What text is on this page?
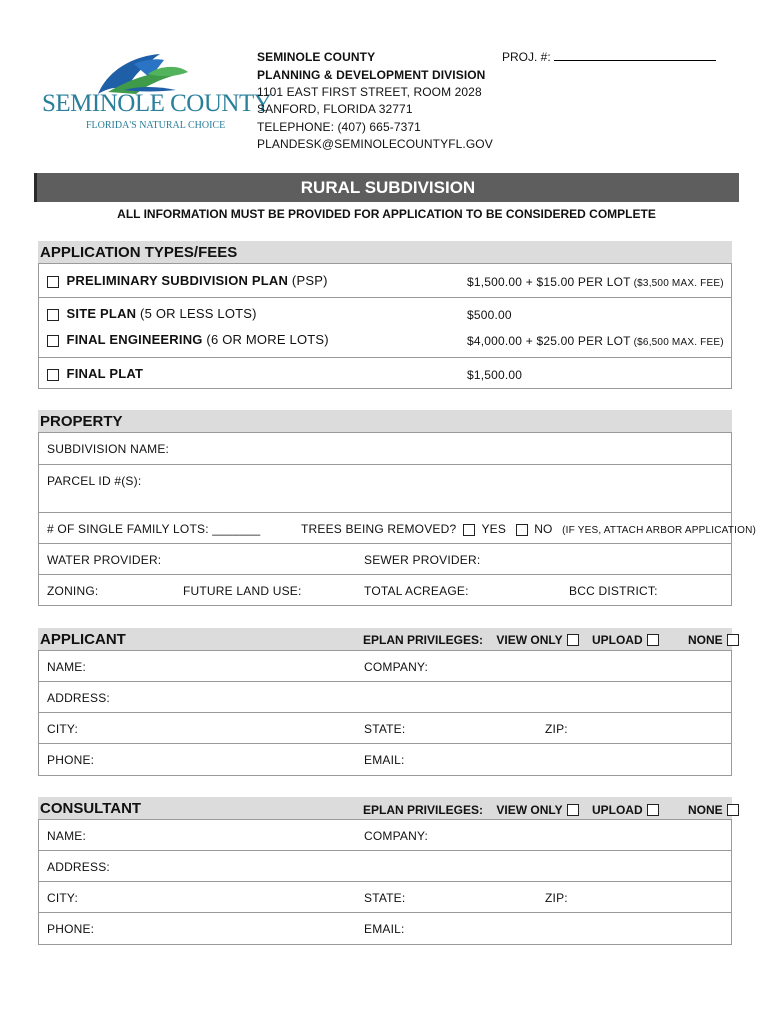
SEMINOLE COUNTY
FLORIDA'S NATURAL CHOICE
SEMINOLE COUNTY
PLANNING & DEVELOPMENT DIVISION
1101 EAST FIRST STREET, ROOM 2028
SANFORD, FLORIDA 32771
TELEPHONE: (407) 665-7371
PLANDESK@SEMINOLECOUNTYFL.GOV
PROJ. #:
RURAL SUBDIVISION
ALL INFORMATION MUST BE PROVIDED FOR APPLICATION TO BE CONSIDERED COMPLETE
APPLICATION TYPES/FEES
PRELIMINARY SUBDIVISION PLAN (PSP)	$1,500.00 + $15.00 PER LOT ($3,500 MAX. FEE)
SITE PLAN (5 OR LESS LOTS)	$500.00
FINAL ENGINEERING (6 OR MORE LOTS)	$4,000.00 + $25.00 PER LOT ($6,500 MAX. FEE)
FINAL PLAT	$1,500.00
PROPERTY
SUBDIVISION NAME:
PARCEL ID #(S):
# OF SINGLE FAMILY LOTS: _______	TREES BEING REMOVED? YES NO (IF YES, ATTACH ARBOR APPLICATION)
WATER PROVIDER:	SEWER PROVIDER:
ZONING:	FUTURE LAND USE:	TOTAL ACREAGE:	BCC DISTRICT:
APPLICANT	EPLAN PRIVILEGES: VIEW ONLY UPLOAD	NONE
NAME:	COMPANY:
ADDRESS:
CITY:	STATE:	ZIP:
PHONE:	EMAIL:
CONSULTANT	EPLAN PRIVILEGES: VIEW ONLY UPLOAD	NONE
NAME:	COMPANY:
ADDRESS:
CITY:	STATE:	ZIP:
PHONE:	EMAIL:
